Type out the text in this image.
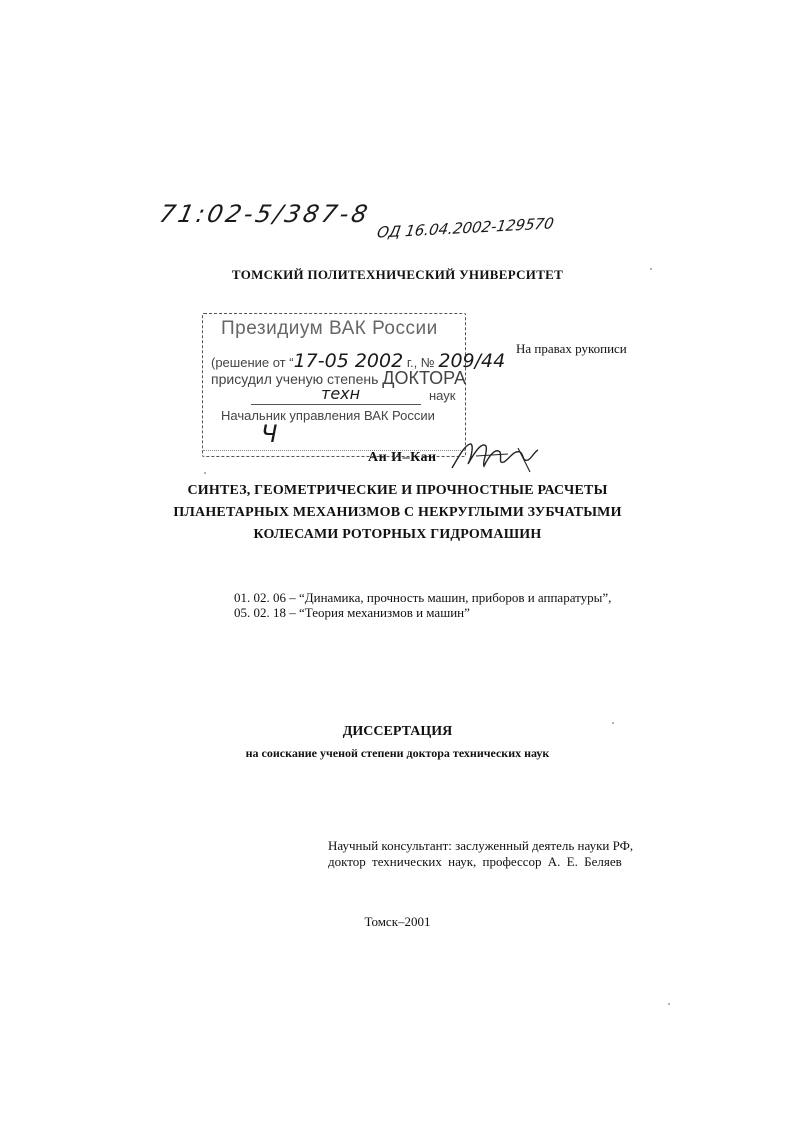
71:02-5/387-8 ОД 16.04.2002-129570
ТОМСКИЙ ПОЛИТЕХНИЧЕСКИЙ УНИВЕРСИТЕТ
Президиум ВАК России
(решение от “17-05 2002 г., № 209/44
присудил ученую степень ДОКТОРА
техн	наук
Начальник управления ВАК России
Ч
На правах рукописи
Ан И–Кан
СИНТЕЗ, ГЕОМЕТРИЧЕСКИЕ И ПРОЧНОСТНЫЕ РАСЧЕТЫ
ПЛАНЕТАРНЫХ МЕХАНИЗМОВ С НЕКРУГЛЫМИ ЗУБЧАТЫМИ
КОЛЕСАМИ РОТОРНЫХ ГИДРОМАШИН
01. 02. 06 – “Динамика, прочность машин, приборов и аппаратуры”,
05. 02. 18 – “Теория механизмов и машин”
ДИССЕРТАЦИЯ
на соискание ученой степени доктора технических наук
Научный консультант: заслуженный деятель науки РФ,
доктор технических наук, профессор А. Е. Беляев
Томск–2001
